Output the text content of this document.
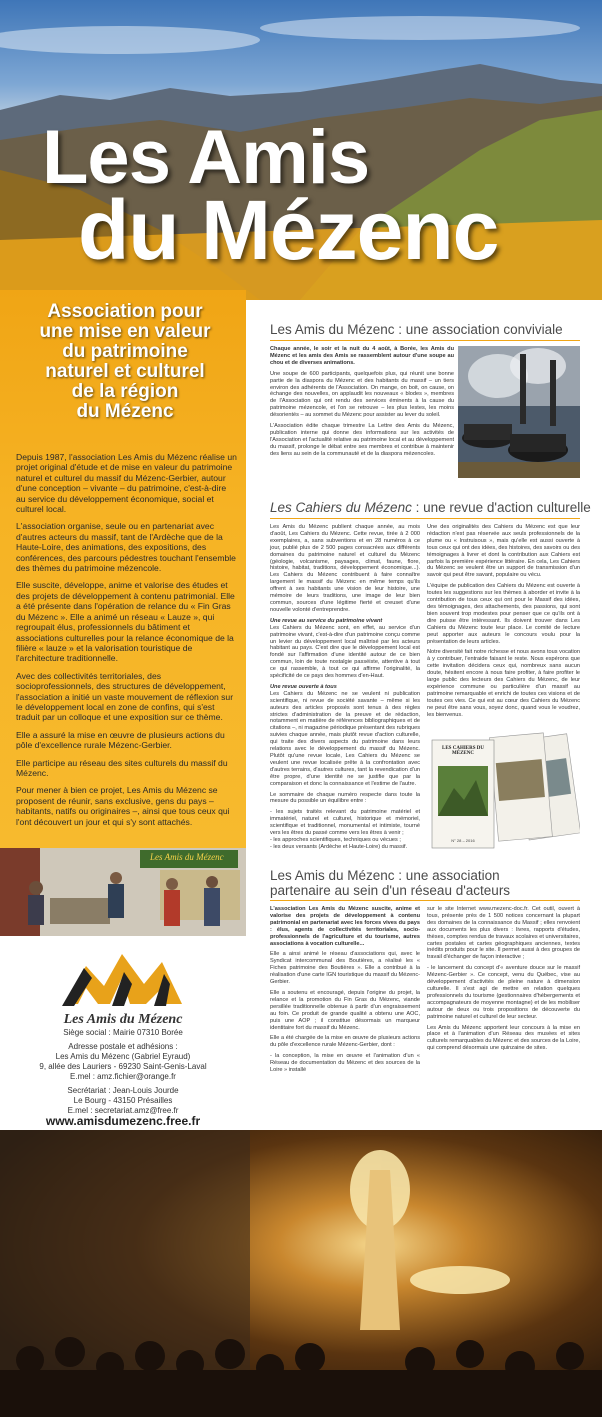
Les Amis
du Mézenc
Association pour
une mise en valeur
du patrimoine
naturel et culturel
de la région
du Mézenc

Depuis 1987, l'association Les Amis du Mézenc réalise un projet original d'étude et de mise en valeur du patrimoine naturel et culturel du massif du Mézenc-Gerbier, autour d'une conception – vivante – du patrimoine, c'est-à-dire au service du développement économique, social et culturel local.

L'association organise, seule ou en partenariat avec d'autres acteurs du massif, tant de l'Ardèche que de la Haute-Loire, des animations, des expositions, des conférences, des parcours pédestres touchant l'ensemble des thèmes du patrimoine mézencole.

Elle suscite, développe, anime et valorise des études et des projets de développement à contenu patrimonial. Elle a été présente dans l'opération de relance du « Fin Gras du Mézenc ». Elle a animé un réseau « Lauze », qui regroupait élus, professionnels du bâtiment et associations culturelles pour la relance économique de la filière « lauze » et la valorisation touristique de l'architecture traditionnelle.

Avec des collectivités territoriales, des socioprofessionnels, des structures de développement, l'association a initié un vaste mouvement de réflexion sur le développement local en zone de confins, qui s'est traduit par un colloque et une exposition sur ce thème.

Elle a assuré la mise en œuvre de plusieurs actions du pôle d'excellence rurale Mézenc-Gerbier.

Elle participe au réseau des sites culturels du massif du Mézenc.

Pour mener à bien ce projet, Les Amis du Mézenc se proposent de réunir, sans exclusive, gens du pays – habitants, natifs ou originaires –, ainsi que tous ceux qui l'ont découvert un jour et qui s'y sont attachés.

Les Amis du Mézenc
Les Amis du Mézenc
Siège social : Mairie 07310 Borée
Adresse postale et adhésions :
Les Amis du Mézenc (Gabriel Eyraud)
9, allée des Lauriers - 69230 Saint-Genis-Laval
E.mel : amz.fichier@orange.fr
Secrétariat : Jean-Louis Jourde
Le Bourg - 43150 Présailles
E.mel : secretariat.amz@free.fr
www.amisdumezenc.free.fr
Les Amis du Mézenc : une association conviviale

Chaque année, le soir et la nuit du 4 août, à Borée, les Amis du Mézenc et les amis des Amis se rassemblent autour d'une soupe au chou et de diverses animations.

Une soupe de 600 participants, quelquefois plus, qui réunit une bonne partie de la diaspora du Mézenc et des habitants du massif – un tiers environ des adhérents de l'Association. On mange, on boit, on cause, on échange des nouvelles, on applaudit les nouveaux « blodes », membres de l'Association qui ont rendu des services éminents à la cause du patrimoine mézencole, et l'on se retrouve – les plus lestes, les moins désorientés – au sommet du Mézenc pour assister au lever du soleil.

L'Association édite chaque trimestre La Lettre des Amis du Mézenc, publication interne qui donne des informations sur les activités de l'Association et l'actualité relative au patrimoine local et au développement du massif, prolonge le débat entre ses membres et contribue à maintenir des liens au sein de la communauté et de la diaspora mézencoles.

Les Cahiers du Mézenc : une revue d'action culturelle

Les Amis du Mézenc publient chaque année, au mois d'août, Les Cahiers du Mézenc. Cette revue, tirée à 2 000 exemplaires, a, sans subventions et en 28 numéros à ce jour, publié plus de 2 500 pages consacrées aux différents domaines du patrimoine naturel et culturel du Mézenc (géologie, volcanisme, paysages, climat, faune, flore, histoire, habitat, traditions, développement économique...). Les Cahiers du Mézenc contribuent à faire connaître largement le massif du Mézenc en même temps qu'ils offrent à ses habitants une vision de leur histoire, une mémoire de leurs traditions, une image de leur bien commun, sources d'une légitime fierté et creuset d'une nouvelle volonté d'entreprendre.

Une revue au service du patrimoine vivant

Les Cahiers du Mézenc sont, en effet, au service d'un patrimoine vivant, c'est-à-dire d'un patrimoine conçu comme un levier du développement local maîtrisé par les acteurs habitant au pays. C'est dire que le développement local est fondé sur l'affirmation d'une identité autour de ce bien commun, loin de toute nostalgie passéiste, attentive à tout ce qui rassemble, à tout ce qui affirme l'originalité, la spécificité de ce pays des hommes d'en-Haut.

Une revue ouverte à tous

Les Cahiers du Mézenc ne se veulent ni publication scientifique, ni revue de société savante – même si les auteurs des articles proposés sont tenus à des règles strictes d'administration de la preuve et de rédaction, notamment en matière de références bibliographiques et de citations –, ni magazine périodique présentant des rubriques suivies chaque année, mais plutôt revue d'action culturelle, qui traite des divers aspects du patrimoine dans leurs relations avec le développement du massif du Mézenc. Plutôt qu'une revue locale, Les Cahiers du Mézenc se veulent une revue localisée prête à la confrontation avec d'autres terrains, d'autres cultures, tant la revendication d'un être propre, d'une identité ne se justifie que par la comparaison et donc la connaissance et l'estime de l'autre.

Le sommaire de chaque numéro respecte dans toute la mesure du possible un équilibre entre :

- les sujets traités relevant du patrimoine matériel et immatériel, naturel et culturel, historique et mémoriel, scientifique et traditionnel, monumental et intimiste, tourné vers les êtres du passé comme vers les êtres à venir ;
- les approches scientifiques, techniques ou vécues ;
- les deux versants (Ardèche et Haute-Loire) du massif.

Une des originalités des Cahiers du Mézenc est que leur rédaction n'est pas réservée aux seuls professionnels de la plume ou « Instruisous », mais qu'elle est aussi ouverte à tous ceux qui ont des idées, des histoires, des savoirs ou des témoignages à livrer et dont la contribution aux Cahiers est parfois la première expérience littéraire. En cela, Les Cahiers du Mézenc se veulent être un support de transmission d'un savoir qui peut être savant, populaire ou vécu.

L'équipe de publication des Cahiers du Mézenc est ouverte à toutes les suggestions sur les thèmes à aborder et invite à la contribution de tous ceux qui ont pour le Massif des idées, des témoignages, des attachements, des passions, qui sont bien souvent trop modestes pour penser que ce qu'ils ont à dire puisse être intéressant. Ils doivent trouver dans Les Cahiers du Mézenc toute leur place. Le comité de lecture peut apporter aux auteurs le concours voulu pour la présentation de leurs articles.

Notre diversité fait notre richesse et nous avons tous vocation à y contribuer, l'entraide faisant le reste. Nous espérons que cette invitation décidera ceux qui, nombreux sans aucun doute, hésitent encore à nous faire profiter, à faire profiter le large public des lecteurs des Cahiers du Mézenc, de leur expérience commune ou particulière d'un massif au patrimoine remarquable et enrichi de toutes ces visions et de toutes ces vies. Ce qui est au cœur des Cahiers du Mézenc ne peut être sans vous, soyez donc, quand vous le voudrez, les bienvenus.

LES CAHIERS DU MÉZENC
N° 28 – 2016
Les Amis du Mézenc : une association
partenaire au sein d'un réseau d'acteurs

L'association Les Amis du Mézenc suscite, anime et valorise des projets de développement à contenu patrimonial en partenariat avec les forces vives du pays : élus, agents de collectivités territoriales, socio-professionnels de l'agriculture et du tourisme, autres associations à vocation culturelle...

Elle a ainsi animé le réseau d'associations qui, avec le Syndicat intercommunal des Boutières, a réalisé les « Fiches patrimoine des Boutières ». Elle a contribué à la réalisation d'une carte IGN touristique du massif du Mézenc-Gerbier.

Elle a soutenu et encouragé, depuis l'origine du projet, la relance et la promotion du Fin Gras du Mézenc, viande persillée traditionnelle obtenue à partir d'un engraissement au foin. Ce produit de grande qualité a obtenu une AOC, puis une AOP ; il constitue désormais un marqueur identitaire fort du massif du Mézenc.

Elle a été chargée de la mise en œuvre de plusieurs actions du pôle d'excellence rurale Mézenc-Gerbier, dont :

- la conception, la mise en œuvre et l'animation d'un « Réseau de documentation du Mézenc et des sources de la Loire » installé

sur le site Internet www.mezenc-doc.fr. Cet outil, ouvert à tous, présente près de 1 500 notices concernant la plupart des domaines de la connaissance du Massif ; elles renvoient aux documents les plus divers : livres, rapports d'études, thèses, comptes rendus de travaux scolaires et universitaires, cartes postales et cartes géographiques anciennes, textes inédits produits pour le site. Il permet aussi à des groupes de travail d'échanger de façon interactive ;

- le lancement du concept d'« aventure douce sur le massif Mézenc-Gerbier ». Ce concept, venu du Québec, vise au développement d'activités de pleine nature à dimension culturelle. Il s'est agi de mettre en relation quelques professionnels du tourisme (gestionnaires d'hébergements et accompagnateurs de moyenne montagne) et de les mobiliser autour de deux ou trois propositions de découverte du patrimoine naturel et culturel de leur secteur.

Les Amis du Mézenc apportent leur concours à la mise en place et à l'animation d'un Réseau des musées et sites culturels remarquables du Mézenc et des sources de la Loire, qui comprend désormais une quinzaine de sites.
